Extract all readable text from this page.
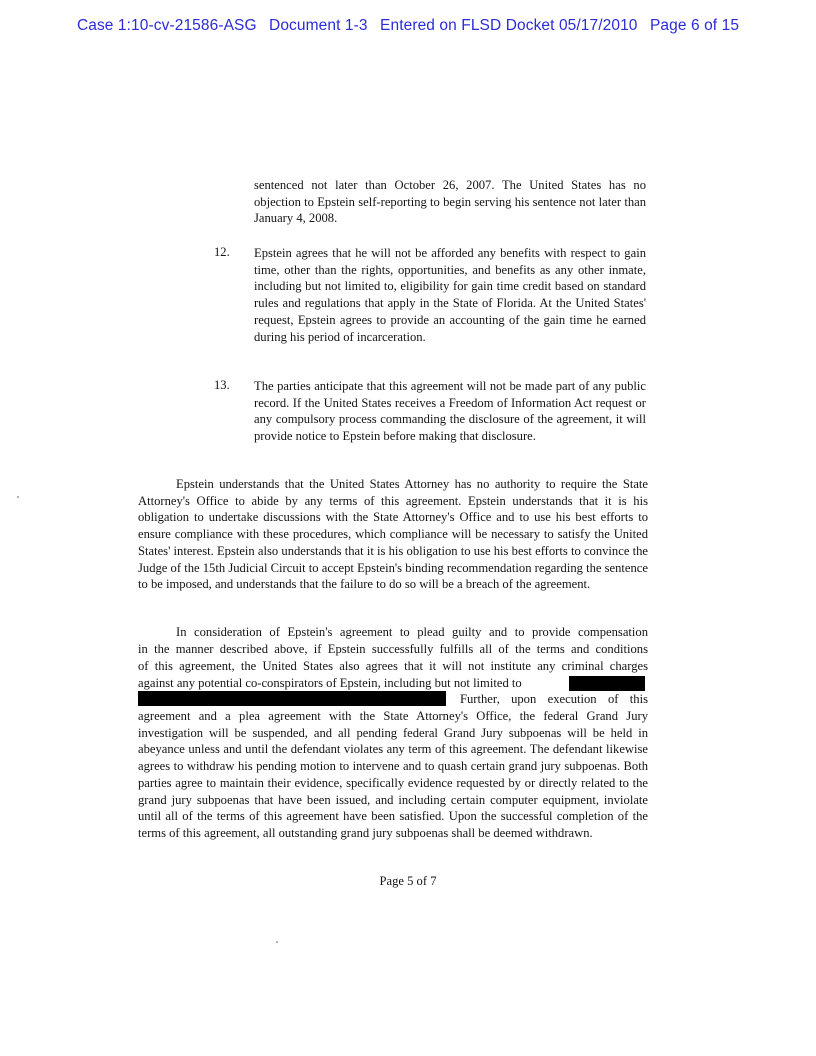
Case 1:10-cv-21586-ASG Document 1-3 Entered on FLSD Docket 05/17/2010 Page 6 of 15
sentenced not later than October 26, 2007. The United States has no objection to Epstein self-reporting to begin serving his sentence not later than January 4, 2008.
12. Epstein agrees that he will not be afforded any benefits with respect to gain time, other than the rights, opportunities, and benefits as any other inmate, including but not limited to, eligibility for gain time credit based on standard rules and regulations that apply in the State of Florida. At the United States' request, Epstein agrees to provide an accounting of the gain time he earned during his period of incarceration.
13. The parties anticipate that this agreement will not be made part of any public record. If the United States receives a Freedom of Information Act request or any compulsory process commanding the disclosure of the agreement, it will provide notice to Epstein before making that disclosure.
Epstein understands that the United States Attorney has no authority to require the State Attorney's Office to abide by any terms of this agreement. Epstein understands that it is his obligation to undertake discussions with the State Attorney's Office and to use his best efforts to ensure compliance with these procedures, which compliance will be necessary to satisfy the United States' interest. Epstein also understands that it is his obligation to use his best efforts to convince the Judge of the 15th Judicial Circuit to accept Epstein's binding recommendation regarding the sentence to be imposed, and understands that the failure to do so will be a breach of the agreement.
In consideration of Epstein's agreement to plead guilty and to provide compensation
in the manner described above, if Epstein successfully fulfills all of the terms and conditions
of this agreement, the United States also agrees that it will not institute any criminal charges
against any potential co-conspirators of Epstein, including but not limited to
Further, upon execution of this
agreement and a plea agreement with the State Attorney's Office, the federal Grand Jury investigation will be suspended, and all pending federal Grand Jury subpoenas will be held in abeyance unless and until the defendant violates any term of this agreement. The defendant likewise agrees to withdraw his pending motion to intervene and to quash certain grand jury subpoenas. Both parties agree to maintain their evidence, specifically evidence requested by or directly related to the grand jury subpoenas that have been issued, and including certain computer equipment, inviolate until all of the terms of this agreement have been satisfied. Upon the successful completion of the terms of this agreement, all outstanding grand jury subpoenas shall be deemed withdrawn.
Page 5 of 7
